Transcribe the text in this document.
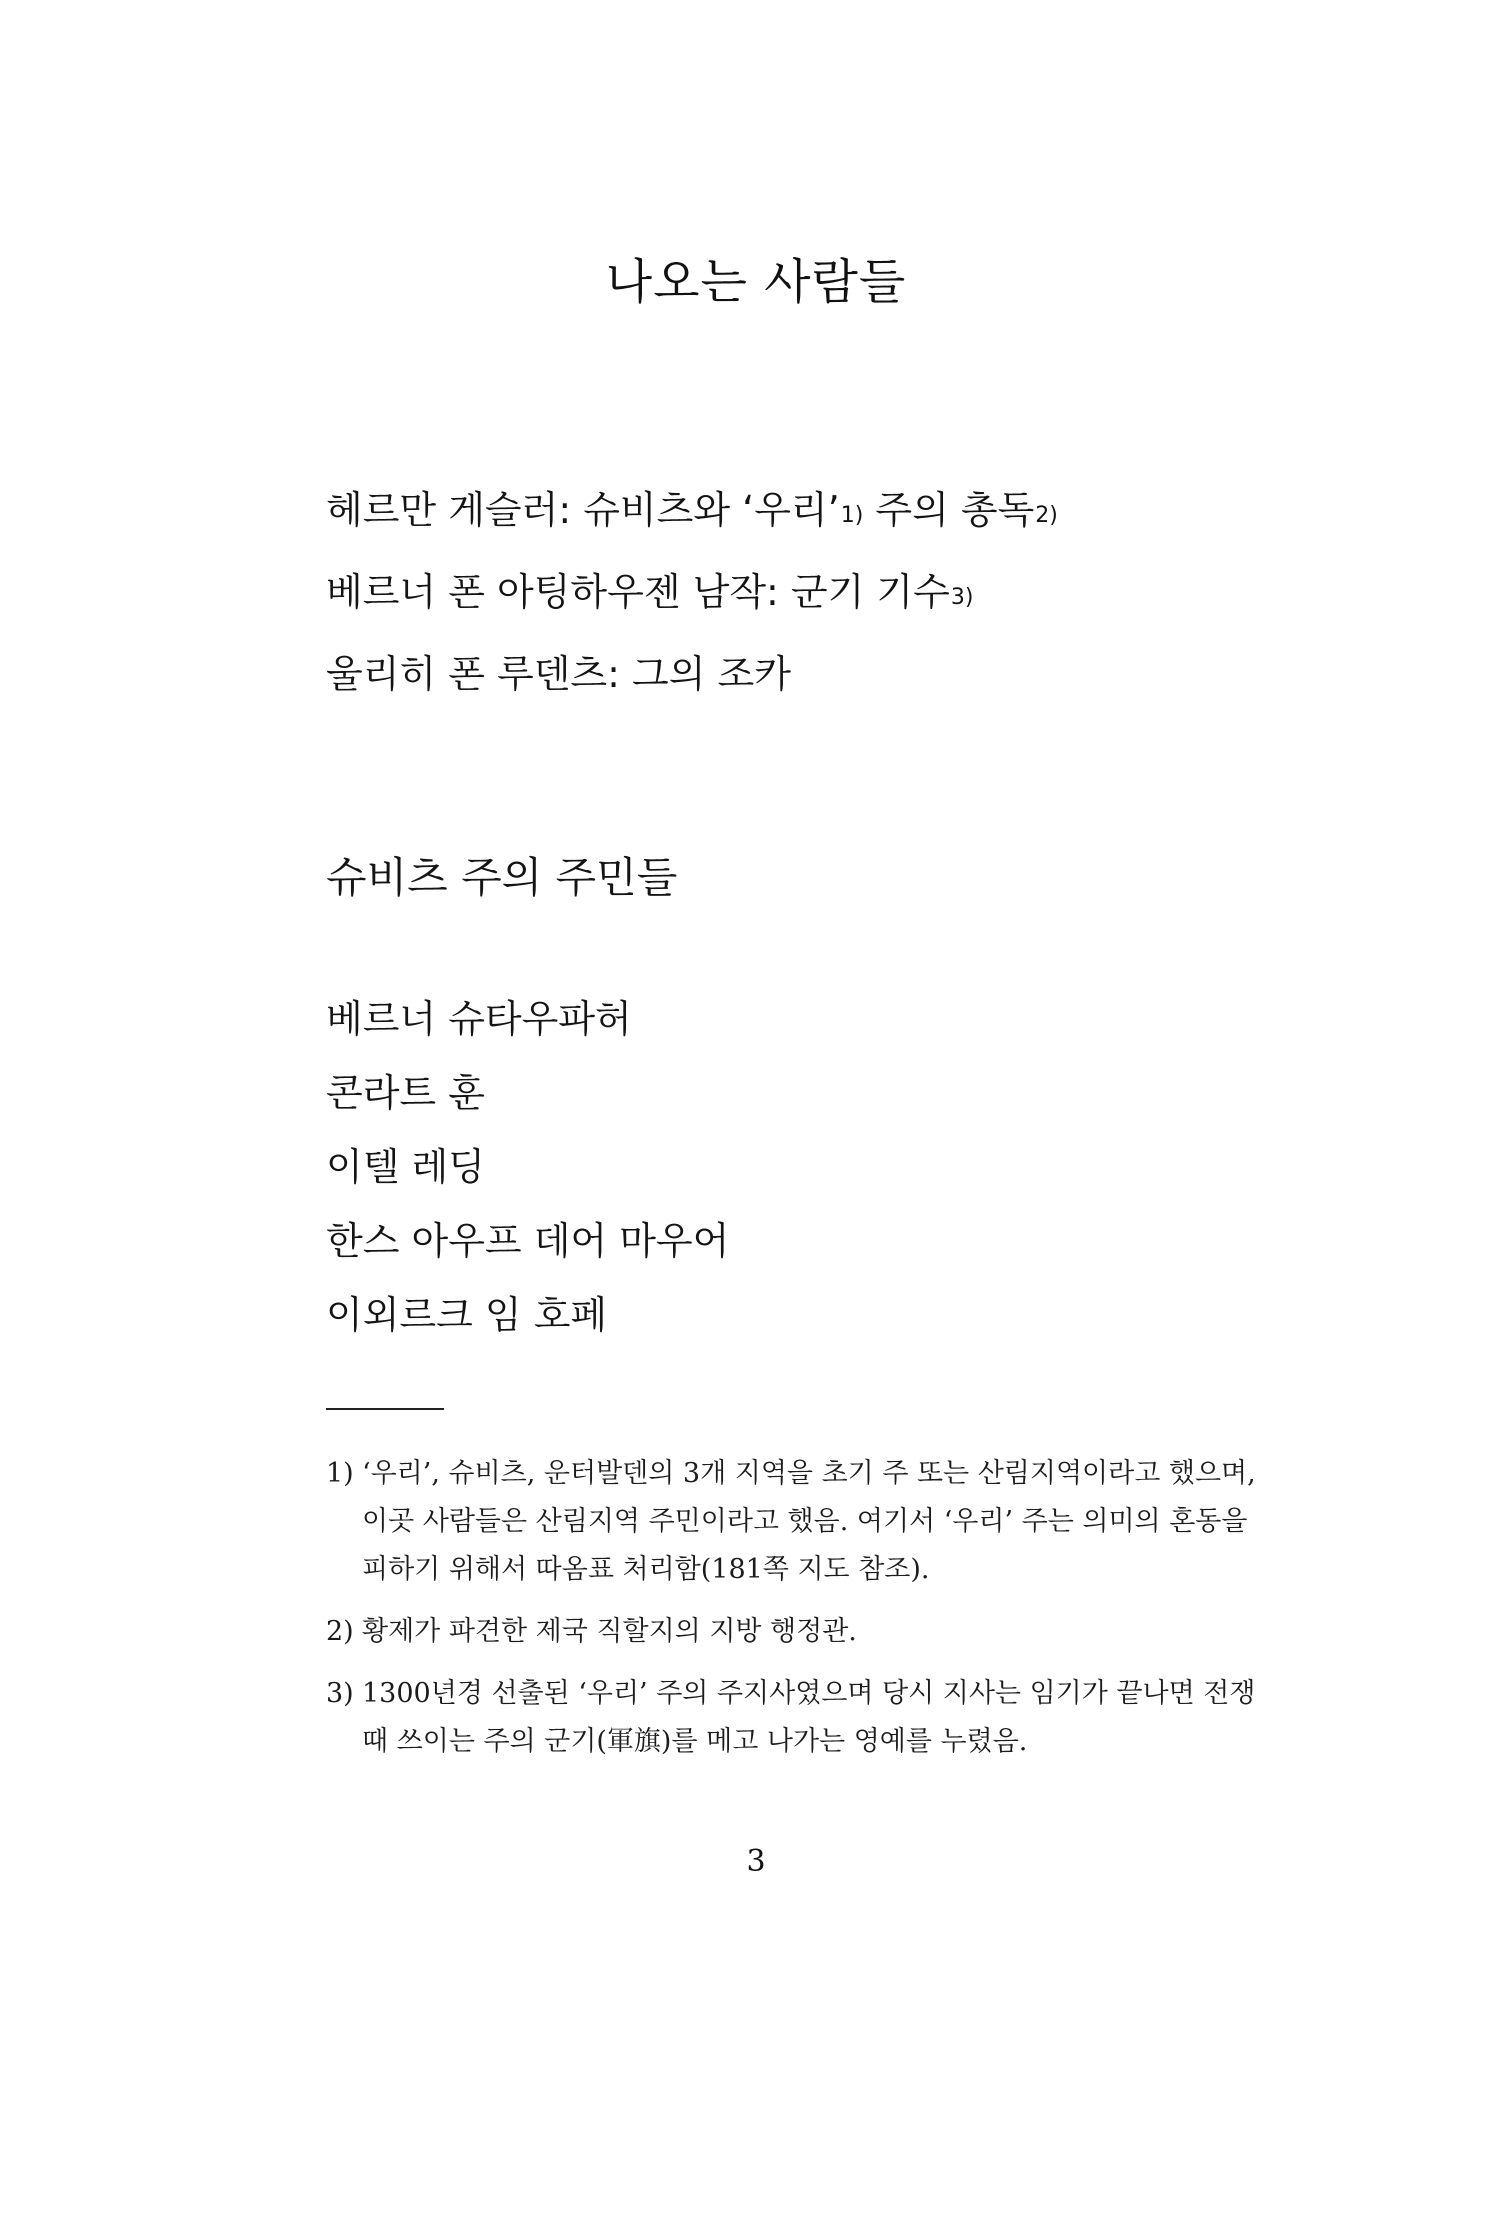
나오는 사람들
헤르만 게슬러: 슈비츠와 ‘우리’1) 주의 총독2)
베르너 폰 아팅하우젠 남작: 군기 기수3)
울리히 폰 루덴츠: 그의 조카
슈비츠 주의 주민들
베르너 슈타우파허
콘라트 훈
이텔 레딩
한스 아우프 데어 마우어
이외르크 임 호페
1) ‘우리’, 슈비츠, 운터발덴의 3개 지역을 초기 주 또는 산림지역이라고 했으며, 이곳 사람들은 산림지역 주민이라고 했음. 여기서 ‘우리’ 주는 의미의 혼동을 피하기 위해서 따옴표 처리함(181쪽 지도 참조).
2) 황제가 파견한 제국 직할지의 지방 행정관.
3) 1300년경 선출된 ‘우리’ 주의 주지사였으며 당시 지사는 임기가 끝나면 전쟁 때 쓰이는 주의 군기(軍旗)를 메고 나가는 영예를 누렸음.
3
